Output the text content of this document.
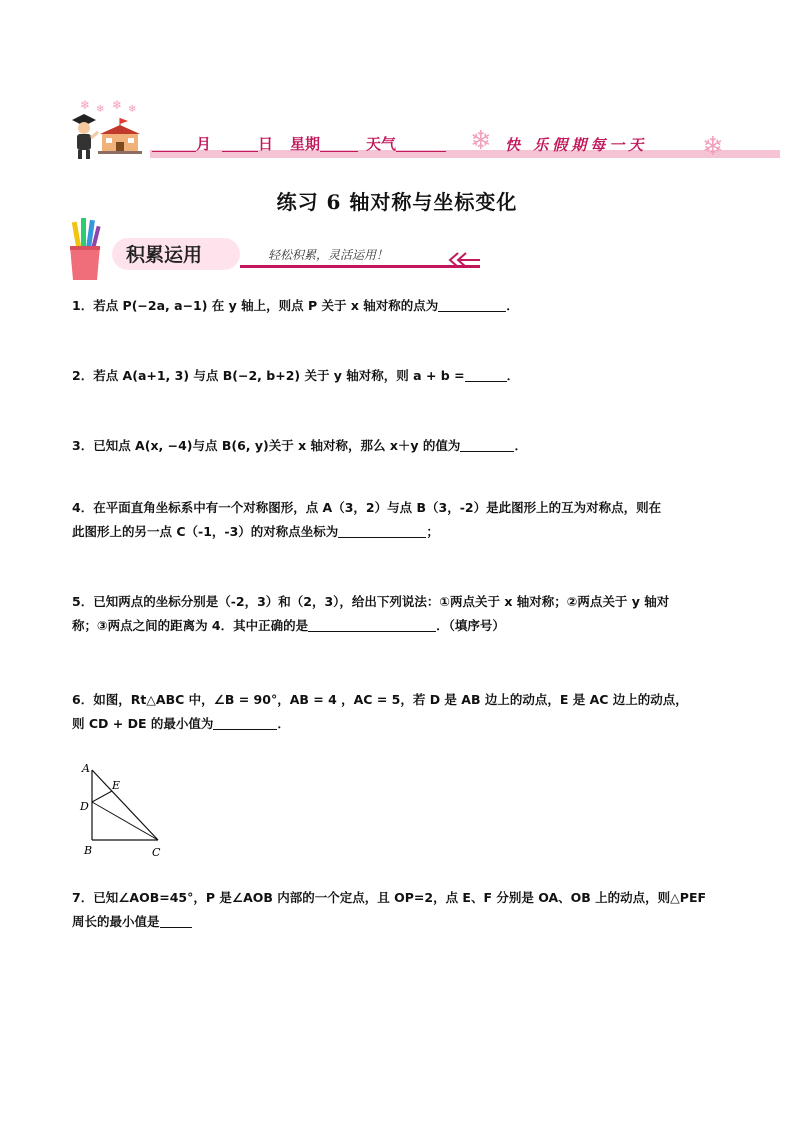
❄ ❄ ❄ ❄
月	日 星期	天气	❄ 快 乐假期每一天 ❄
练习 6 轴对称与坐标变化
积累运用	轻松积累，灵活运用！
1．若点 P(−2a, a−1) 在 y 轴上，则点 P 关于 x 轴对称的点为	．
2．若点 A(a+1, 3) 与点 B(−2, b+2) 关于 y 轴对称，则 a + b =	．
3．已知点 A(x, −4)与点 B(6, y)关于 x 轴对称，那么 x＋y 的值为	．
4．在平面直角坐标系中有一个对称图形，点 A（3，2）与点 B（3，-2）是此图形上的互为对称点，则在
此图形上的另一点 C（-1，-3）的对称点坐标为	；
5．已知两点的坐标分别是（-2，3）和（2，3），给出下列说法：①两点关于 x 轴对称；②两点关于 y 轴对
称；③两点之间的距离为 4．其中正确的是	．（填序号）
6．如图，Rt△ABC 中，∠B = 90°，AB = 4 ，AC = 5，若 D 是 AB 边上的动点，E 是 AC 边上的动点，
则 CD + DE 的最小值为	．
A
E
D
B	C
7．已知∠AOB=45°，P 是∠AOB 内部的一个定点，且 OP=2，点 E、F 分别是 OA、OB 上的动点，则△PEF
周长的最小值是
